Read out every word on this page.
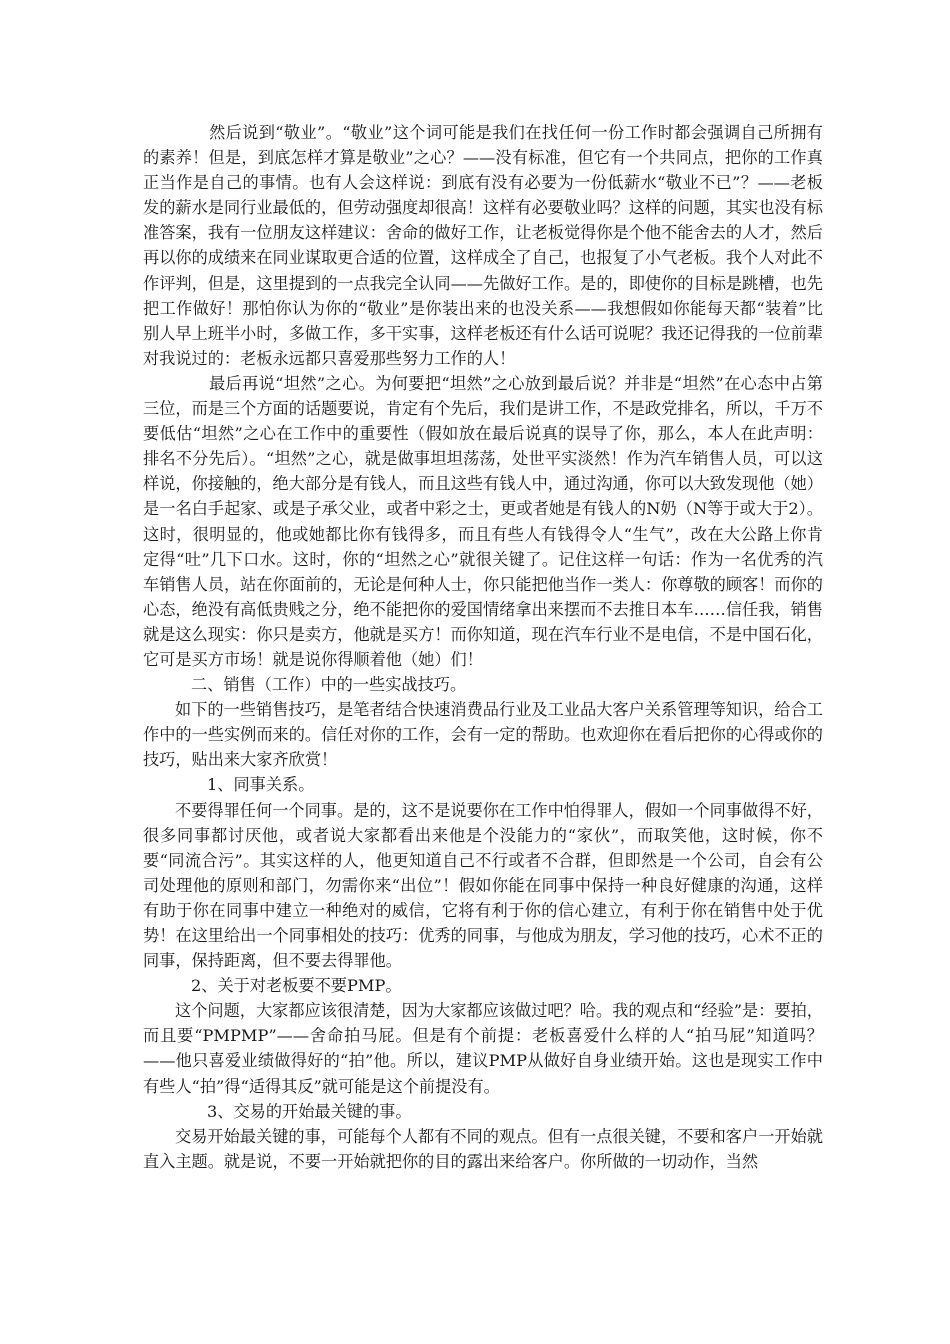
然后说到“敬业”。“敬业”这个词可能是我们在找任何一份工作时都会强调自己所拥有的素养！但是，到底怎样才算是敬业”之心？——没有标准，但它有一个共同点，把你的工作真正当作是自己的事情。也有人会这样说：到底有没有必要为一份低薪水“敬业不已”？——老板发的薪水是同行业最低的，但劳动强度却很高！这样有必要敬业吗？这样的问题，其实也没有标准答案，我有一位朋友这样建议：舍命的做好工作，让老板觉得你是个他不能舍去的人才，然后再以你的成绩来在同业谋取更合适的位置，这样成全了自己，也报复了小气老板。我个人对此不作评判，但是，这里提到的一点我完全认同——先做好工作。是的，即使你的目标是跳槽，也先把工作做好！那怕你认为你的“敬业”是你装出来的也没关系——我想假如你能每天都“装着”比别人早上班半小时，多做工作，多干实事，这样老板还有什么话可说呢？我还记得我的一位前辈对我说过的：老板永远都只喜爱那些努力工作的人！

最后再说“坦然”之心。为何要把“坦然”之心放到最后说？并非是“坦然”在心态中占第三位，而是三个方面的话题要说，肯定有个先后，我们是讲工作，不是政党排名，所以，千万不要低估“坦然”之心在工作中的重要性（假如放在最后说真的误导了你，那么，本人在此声明：排名不分先后）。“坦然”之心，就是做事坦坦荡荡，处世平实淡然！作为汽车销售人员，可以这样说，你接触的，绝大部分是有钱人，而且这些有钱人中，通过沟通，你可以大致发现他（她）是一名白手起家、或是子承父业，或者中彩之士，更或者她是有钱人的N奶（N等于或大于2）。这时，很明显的，他或她都比你有钱得多，而且有些人有钱得令人“生气”，改在大公路上你肯定得“吐”几下口水。这时，你的“坦然之心”就很关键了。记住这样一句话：作为一名优秀的汽车销售人员，站在你面前的，无论是何种人士，你只能把他当作一类人：你尊敬的顾客！而你的心态，绝没有高低贵贱之分，绝不能把你的爱国情绪拿出来摆而不去推日本车……信任我，销售就是这么现实：你只是卖方，他就是买方！而你知道，现在汽车行业不是电信，不是中国石化，它可是买方市场！就是说你得顺着他（她）们！

二、销售（工作）中的一些实战技巧。

如下的一些销售技巧，是笔者结合快速消费品行业及工业品大客户关系管理等知识，给合工作中的一些实例而来的。信任对你的工作，会有一定的帮助。也欢迎你在看后把你的心得或你的技巧，贴出来大家齐欣赏！

1、同事关系。

不要得罪任何一个同事。是的，这不是说要你在工作中怕得罪人，假如一个同事做得不好，很多同事都讨厌他，或者说大家都看出来他是个没能力的“家伙”，而取笑他，这时候，你不要“同流合污”。其实这样的人，他更知道自己不行或者不合群，但即然是一个公司，自会有公司处理他的原则和部门，勿需你来“出位”！假如你能在同事中保持一种良好健康的沟通，这样有助于你在同事中建立一种绝对的威信，它将有利于你的信心建立，有利于你在销售中处于优势！在这里给出一个同事相处的技巧：优秀的同事，与他成为朋友，学习他的技巧，心术不正的同事，保持距离，但不要去得罪他。

2、关于对老板要不要PMP。

这个问题，大家都应该很清楚，因为大家都应该做过吧？哈。我的观点和“经验”是：要拍，而且要“PMPMP”——舍命拍马屁。但是有个前提：老板喜爱什么样的人“拍马屁”知道吗？——他只喜爱业绩做得好的“拍”他。所以，建议PMP从做好自身业绩开始。这也是现实工作中有些人“拍”得“适得其反”就可能是这个前提没有。

3、交易的开始最关键的事。

交易开始最关键的事，可能每个人都有不同的观点。但有一点很关键，不要和客户一开始就直入主题。就是说，不要一开始就把你的目的露出来给客户。你所做的一切动作，当然
